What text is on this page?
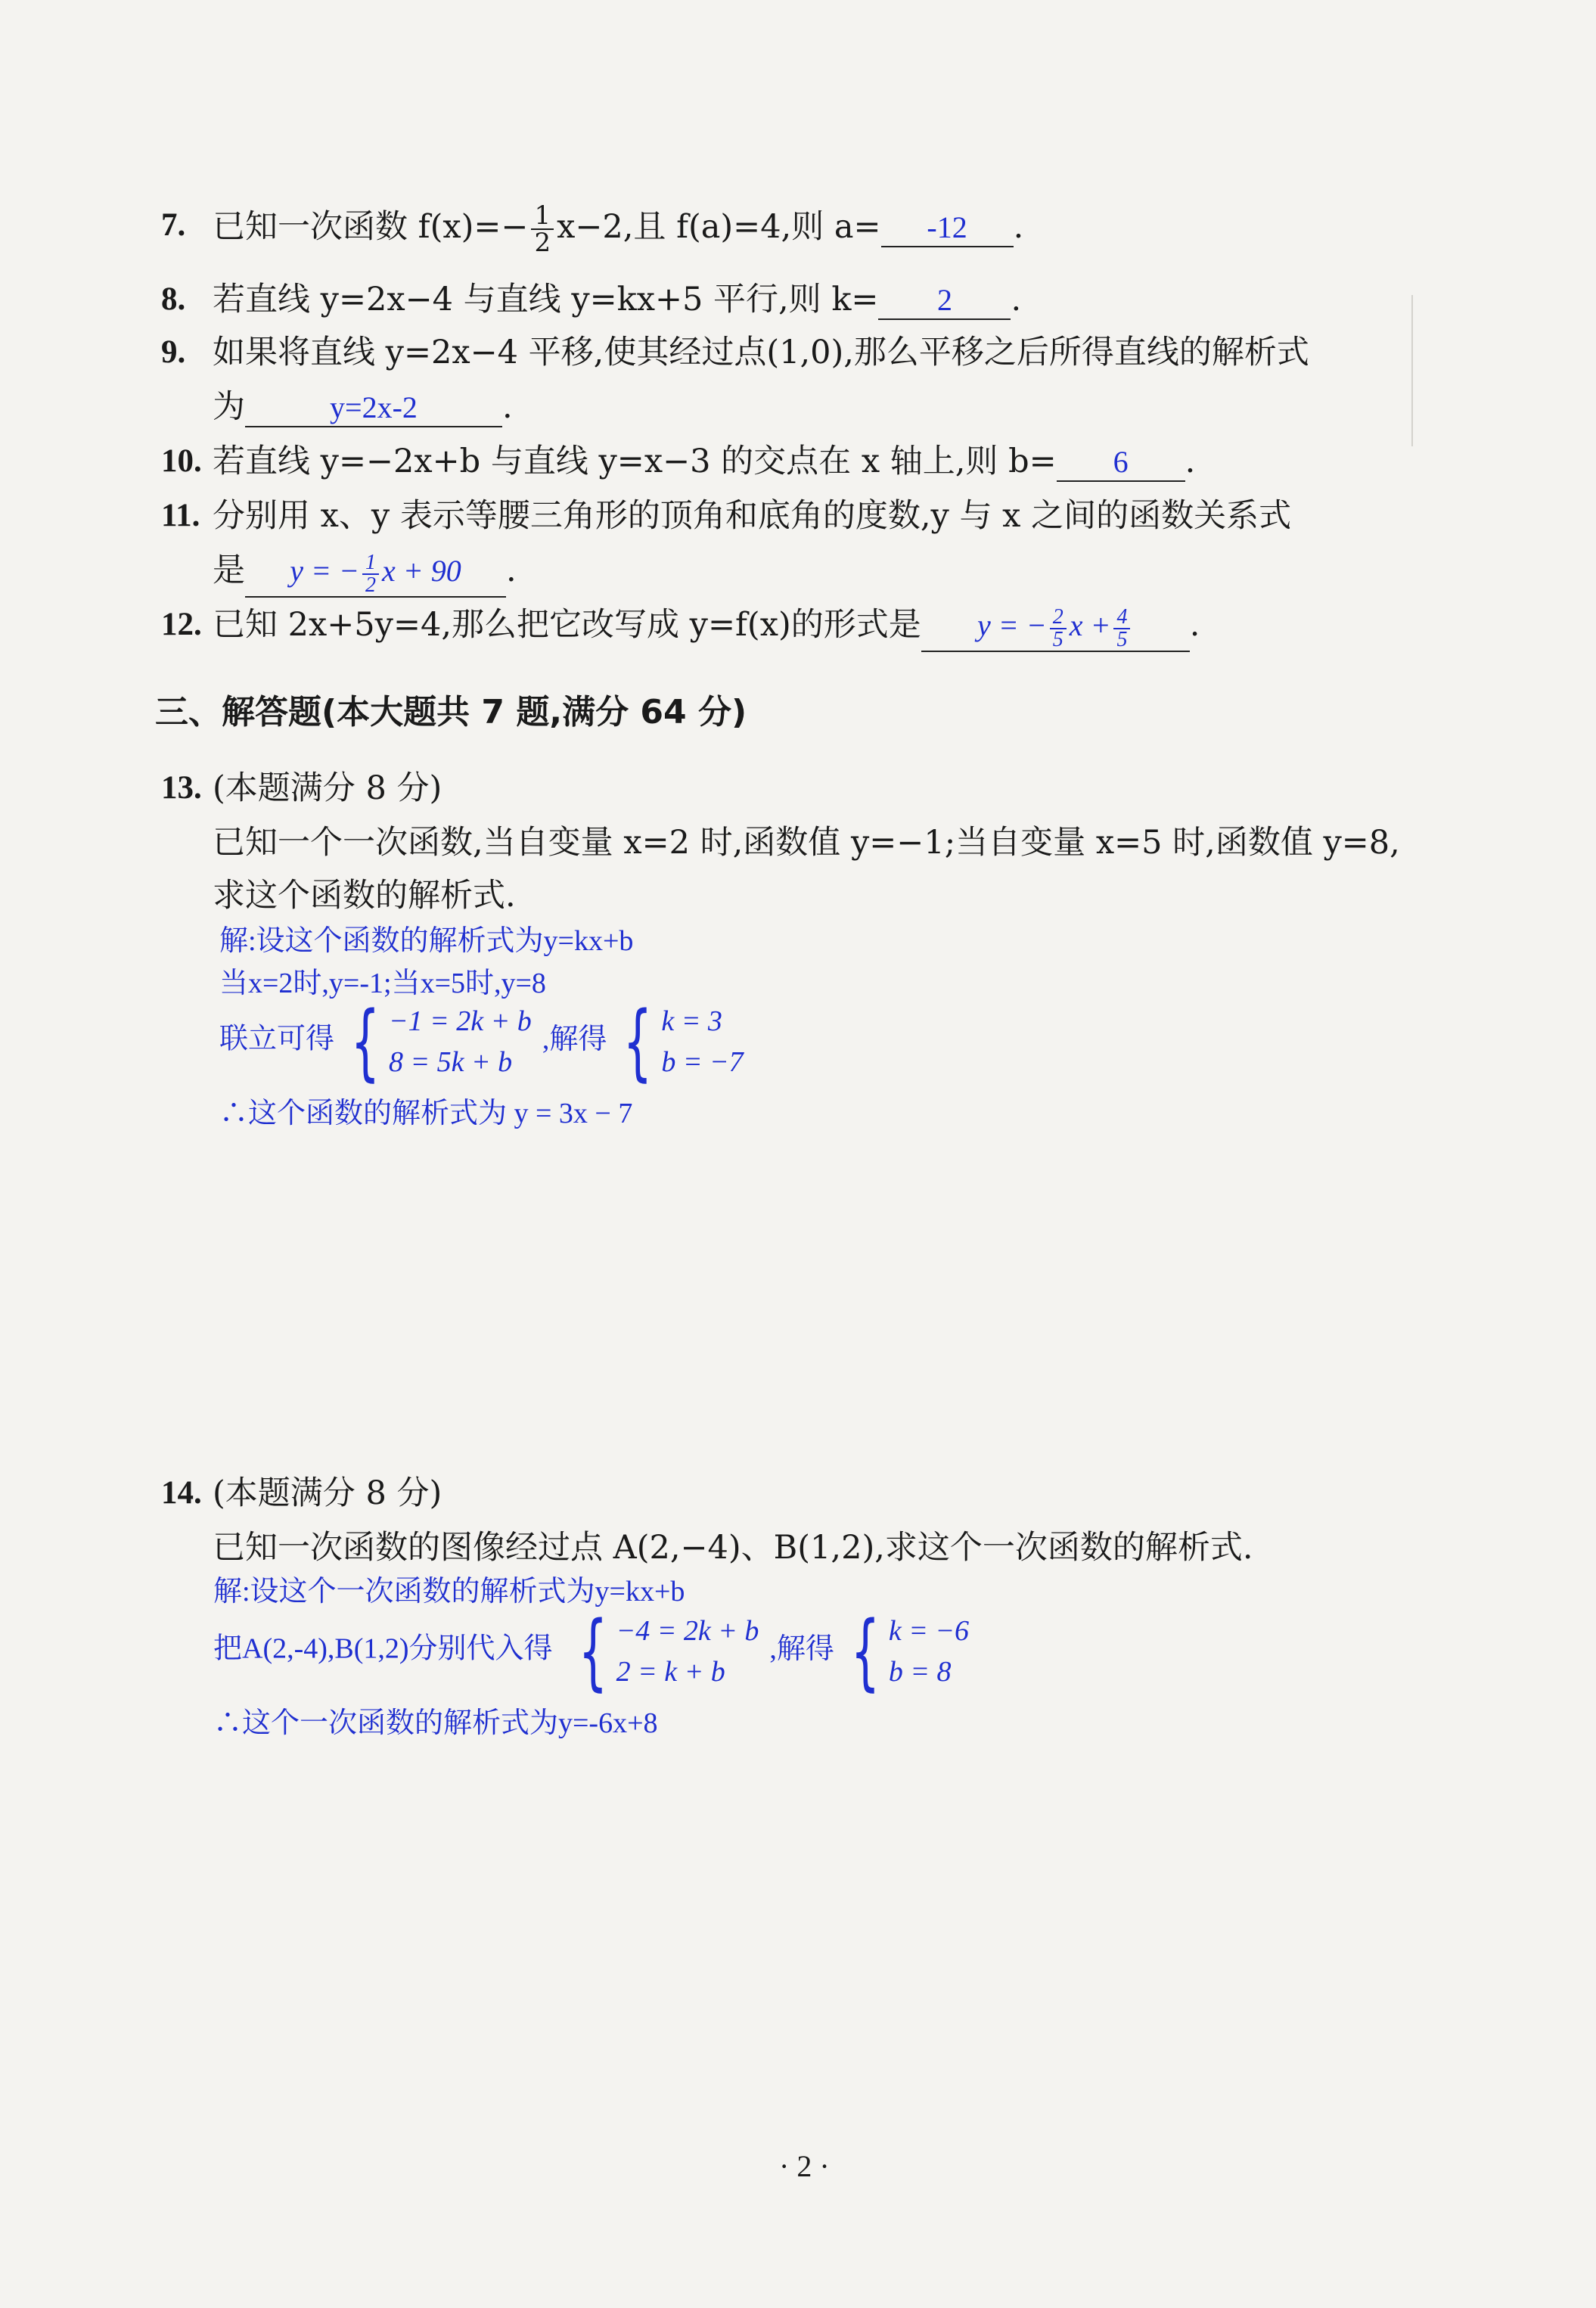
7. 已知一次函数 $f(x)=- \frac{1}{2} x-2$,且 f(a)=4,则 a= -12 .
8. 若直线 y=2x−4 与直线 y=kx+5 平行,则 k= 2 .
9. 如果将直线 y=2x−4 平移,使其经过点(1,0),那么平移之后所得直线的解析式
为	y=2x-2	.
10. 若直线 y=−2x+b 与直线 y=x−3 的交点在 x 轴上,则 b= 6 .
11. 分别用 x、y 表示等腰三角形的顶角和底角的度数,y 与 x 之间的函数关系式
是 y = − $\frac{1}{2}$ x + 90 .
12. 已知 2x+5y=4,那么把它改写成 y=f(x)的形式是 y = − $\frac{2}{5}$ $x + \frac{4}{5}$ .
三、解答题(本大题共 7 题,满分 64 分)
13. (本题满分 8 分)
已知一个一次函数,当自变量 x=2 时,函数值 y=−1;当自变量 x=5 时,函数值 y=8,
求这个函数的解析式.
解:设这个函数的解析式为y=kx+b
当x=2时,y=-1;当x=5时,y=8
联立可得 { −1 = 2k + b
8 = 5k + b
,解得 { k = 3
b = −7
∴这个函数的解析式为 y = 3x − 7
14. (本题满分 8 分)
已知一次函数的图像经过点 A(2,−4)、B(1,2),求这个一次函数的解析式.
解:设这个一次函数的解析式为y=kx+b
把A(2,-4),B(1,2)分别代入得 { −4 = 2k + b
2 = k + b
,解得 { k = −6
b = 8
∴这个一次函数的解析式为y=-6x+8
· 2 ·
